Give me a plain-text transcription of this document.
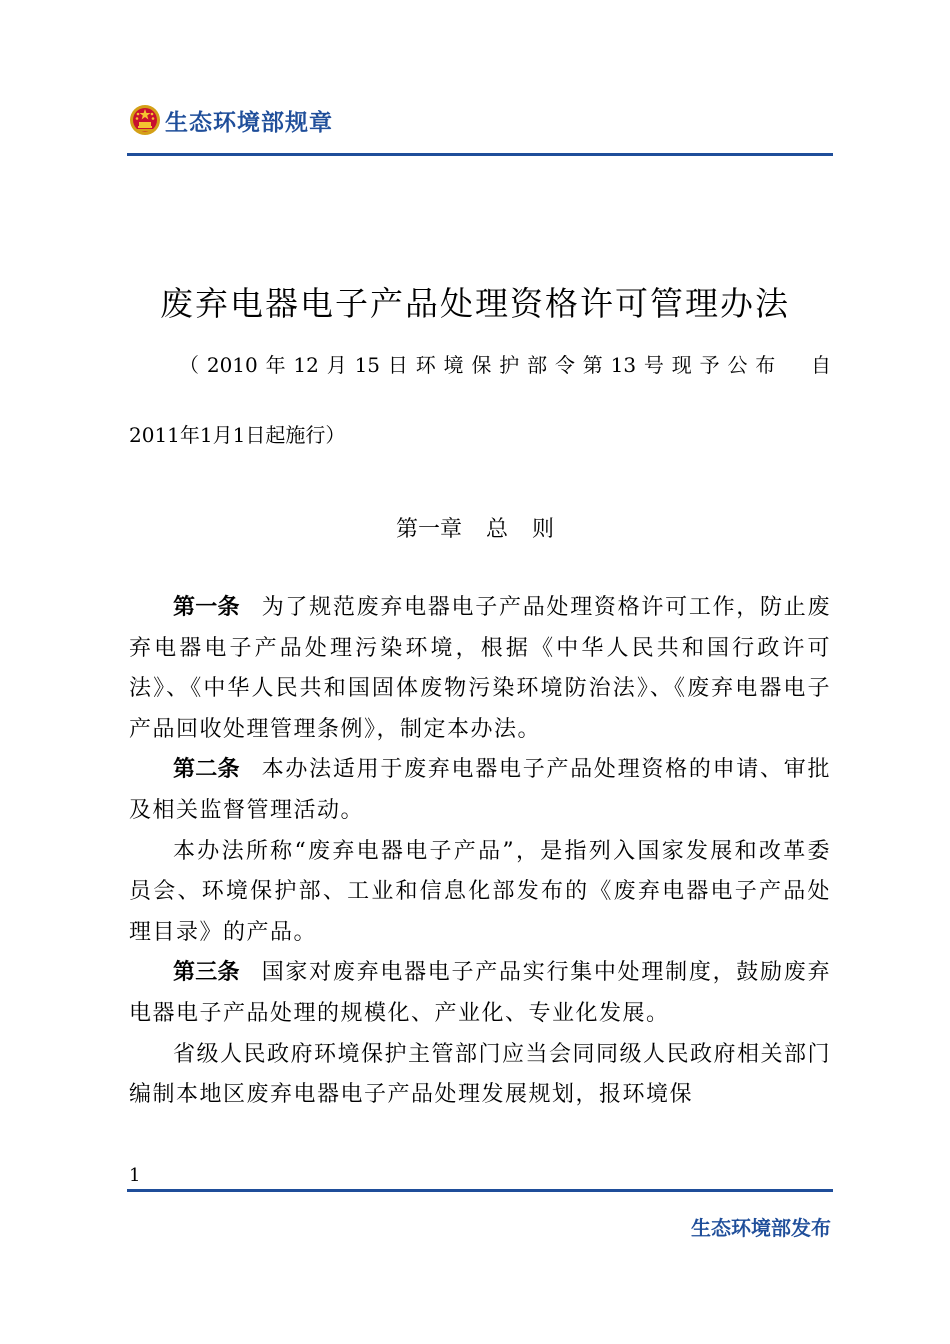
生态环境部规章
废弃电器电子产品处理资格许可管理办法
（2010年12月15日环境保护部令第13号现予公布　自
2011年1月1日起施行）
第一章 总 则

第一条 为了规范废弃电器电子产品处理资格许可工作，防止废弃电器电子产品处理污染环境，根据《中华人民共和国行政许可法》、《中华人民共和国固体废物污染环境防治法》、《废弃电器电子产品回收处理管理条例》，制定本办法。

第二条 本办法适用于废弃电器电子产品处理资格的申请、审批及相关监督管理活动。

本办法所称“废弃电器电子产品”，是指列入国家发展和改革委员会、环境保护部、工业和信息化部发布的《废弃电器电子产品处理目录》的产品。

第三条 国家对废弃电器电子产品实行集中处理制度，鼓励废弃电器电子产品处理的规模化、产业化、专业化发展。

省级人民政府环境保护主管部门应当会同同级人民政府相关部门编制本地区废弃电器电子产品处理发展规划，报环境保

1
生态环境部发布
